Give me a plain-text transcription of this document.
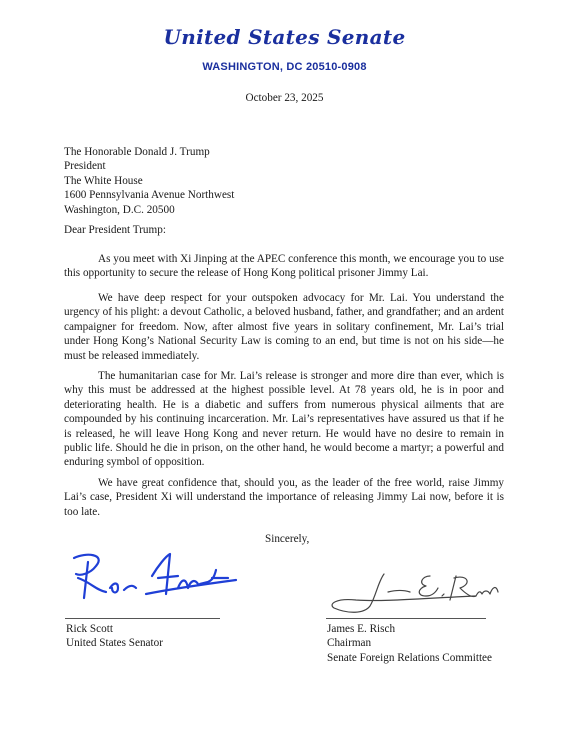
United States Senate
WASHINGTON, DC 20510-0908
October 23, 2025
The Honorable Donald J. Trump
President
The White House
1600 Pennsylvania Avenue Northwest
Washington, D.C. 20500
Dear President Trump:

As you meet with Xi Jinping at the APEC conference this month, we encourage you to use this opportunity to secure the release of Hong Kong political prisoner Jimmy Lai.

We have deep respect for your outspoken advocacy for Mr. Lai. You understand the urgency of his plight: a devout Catholic, a beloved husband, father, and grandfather; and an ardent campaigner for freedom. Now, after almost five years in solitary confinement, Mr. Lai’s trial under Hong Kong’s National Security Law is coming to an end, but time is not on his side—he must be released immediately.

The humanitarian case for Mr. Lai’s release is stronger and more dire than ever, which is why this must be addressed at the highest possible level. At 78 years old, he is in poor and deteriorating health. He is a diabetic and suffers from numerous physical ailments that are compounded by his continuing incarceration. Mr. Lai’s representatives have assured us that if he is released, he will leave Hong Kong and never return. He would have no desire to remain in public life. Should he die in prison, on the other hand, he would become a martyr; a powerful and enduring symbol of opposition.

We have great confidence that, should you, as the leader of the free world, raise Jimmy Lai’s case, President Xi will understand the importance of releasing Jimmy Lai now, before it is too late.

Sincerely,
Rick Scott
United States Senator
James E. Risch
Chairman
Senate Foreign Relations Committee
